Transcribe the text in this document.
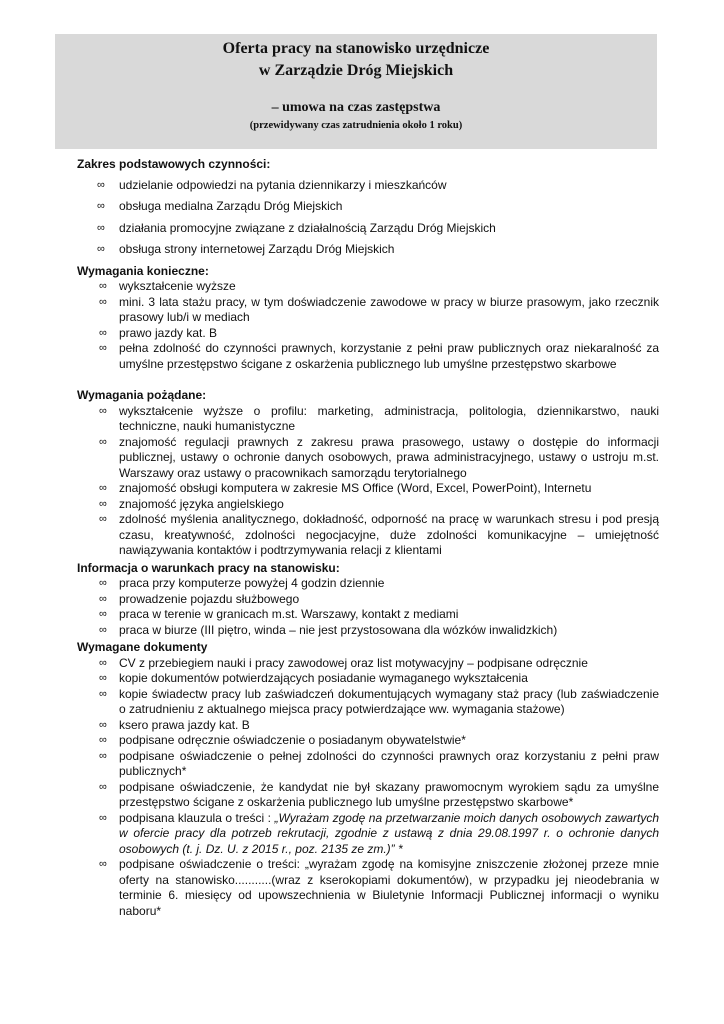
Oferta pracy na stanowisko urzędnicze
w Zarządzie Dróg Miejskich
– umowa na czas zastępstwa
(przewidywany czas zatrudnienia około 1 roku)
Zakres podstawowych czynności:
∞ udzielanie odpowiedzi na pytania dziennikarzy i mieszkańców
∞ obsługa medialna Zarządu Dróg Miejskich
∞ działania promocyjne związane z działalnością Zarządu Dróg Miejskich
∞ obsługa strony internetowej Zarządu Dróg Miejskich
Wymagania konieczne:
∞ wykształcenie wyższe
∞ mini. 3 lata stażu pracy, w tym doświadczenie zawodowe w pracy w biurze prasowym, jako rzecznik prasowy lub/i w mediach
∞ prawo jazdy kat. B
∞ pełna zdolność do czynności prawnych, korzystanie z pełni praw publicznych oraz niekaralność za umyślne przestępstwo ścigane z oskarżenia publicznego lub umyślne przestępstwo skarbowe
Wymagania pożądane:
∞ wykształcenie wyższe o profilu: marketing, administracja, politologia, dziennikarstwo, nauki techniczne, nauki humanistyczne
∞ znajomość regulacji prawnych z zakresu prawa prasowego, ustawy o dostępie do informacji publicznej, ustawy o ochronie danych osobowych, prawa administracyjnego, ustawy o ustroju m.st. Warszawy oraz ustawy o pracownikach samorządu terytorialnego
∞ znajomość obsługi komputera w zakresie MS Office (Word, Excel, PowerPoint), Internetu
∞ znajomość języka angielskiego
∞ zdolność myślenia analitycznego, dokładność, odporność na pracę w warunkach stresu i pod presją czasu, kreatywność, zdolności negocjacyjne, duże zdolności komunikacyjne – umiejętność nawiązywania kontaktów i podtrzymywania relacji z klientami
Informacja o warunkach pracy na stanowisku:
∞ praca przy komputerze powyżej 4 godzin dziennie
∞ prowadzenie pojazdu służbowego
∞ praca w terenie w granicach m.st. Warszawy, kontakt z mediami
∞ praca w biurze (III piętro, winda – nie jest przystosowana dla wózków inwalidzkich)
Wymagane dokumenty
∞ CV z przebiegiem nauki i pracy zawodowej oraz list motywacyjny – podpisane odręcznie
∞ kopie dokumentów potwierdzających posiadanie wymaganego wykształcenia
∞ kopie świadectw pracy lub zaświadczeń dokumentujących wymagany staż pracy (lub zaświadczenie o zatrudnieniu z aktualnego miejsca pracy potwierdzające ww. wymagania stażowe)
∞ ksero prawa jazdy kat. B
∞ podpisane odręcznie oświadczenie o posiadanym obywatelstwie*
∞ podpisane oświadczenie o pełnej zdolności do czynności prawnych oraz korzystaniu z pełni praw publicznych*
∞ podpisane oświadczenie, że kandydat nie był skazany prawomocnym wyrokiem sądu za umyślne przestępstwo ścigane z oskarżenia publicznego lub umyślne przestępstwo skarbowe*
∞ podpisana klauzula o treści : „Wyrażam zgodę na przetwarzanie moich danych osobowych zawartych w ofercie pracy dla potrzeb rekrutacji, zgodnie z ustawą z dnia 29.08.1997 r. o ochronie danych osobowych (t. j. Dz. U. z 2015 r., poz. 2135 ze zm.)” *
∞ podpisane oświadczenie o treści: „wyrażam zgodę na komisyjne zniszczenie złożonej przeze mnie oferty na stanowisko...........(wraz z kserokopiami dokumentów), w przypadku jej nieodebrania w terminie 6. miesięcy od upowszechnienia w Biuletynie Informacji Publicznej informacji o wyniku naboru*
